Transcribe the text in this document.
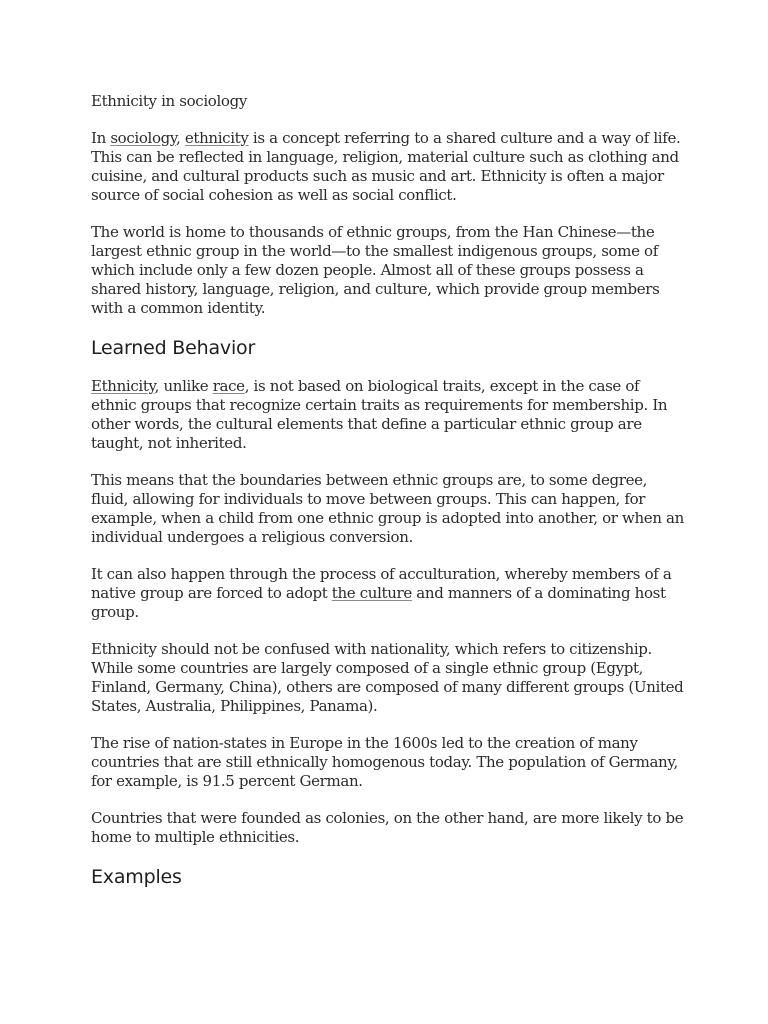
Ethnicity in sociology

In sociology, ethnicity is a concept referring to a shared culture and a way of life. This can be reflected in language, religion, material culture such as clothing and cuisine, and cultural products such as music and art. Ethnicity is often a major source of social cohesion as well as social conflict.

The world is home to thousands of ethnic groups, from the Han Chinese—the largest ethnic group in the world—to the smallest indigenous groups, some of which include only a few dozen people. Almost all of these groups possess a shared history, language, religion, and culture, which provide group members with a common identity.

Learned Behavior

Ethnicity, unlike race, is not based on biological traits, except in the case of ethnic groups that recognize certain traits as requirements for membership. In other words, the cultural elements that define a particular ethnic group are taught, not inherited.

This means that the boundaries between ethnic groups are, to some degree, fluid, allowing for individuals to move between groups. This can happen, for example, when a child from one ethnic group is adopted into another, or when an individual undergoes a religious conversion.

It can also happen through the process of acculturation, whereby members of a native group are forced to adopt the culture and manners of a dominating host group.

Ethnicity should not be confused with nationality, which refers to citizenship. While some countries are largely composed of a single ethnic group (Egypt, Finland, Germany, China), others are composed of many different groups (United States, Australia, Philippines, Panama).

The rise of nation-states in Europe in the 1600s led to the creation of many countries that are still ethnically homogenous today. The population of Germany, for example, is 91.5 percent German.

Countries that were founded as colonies, on the other hand, are more likely to be home to multiple ethnicities.

Examples
